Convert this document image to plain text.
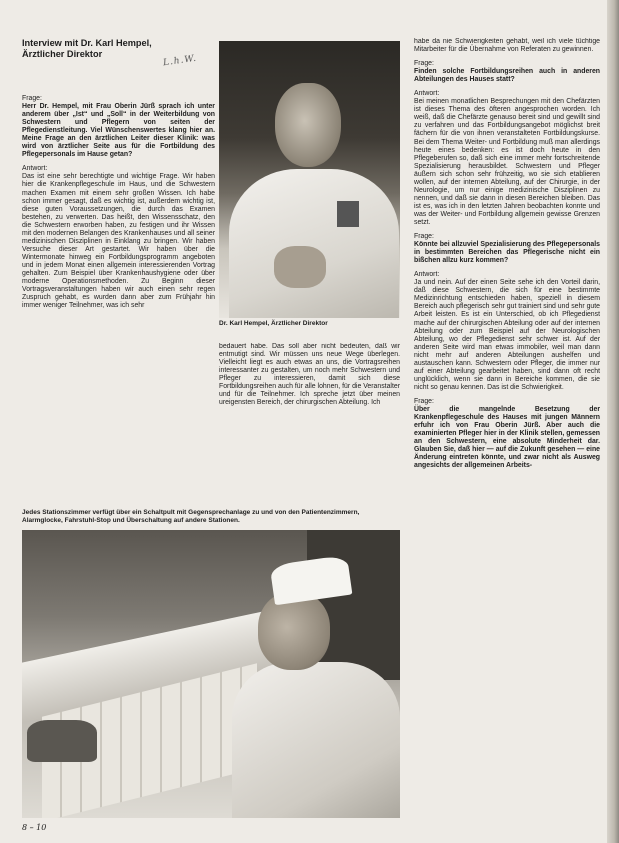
Interview mit Dr. Karl Hempel,
Ärztlicher Direktor
L.h.W.

Frage:
Herr Dr. Hempel, mit Frau Oberin Jürß sprach ich unter anderem über „Ist“ und „Soll“ in der Weiterbildung von Schwestern und Pflegern von seiten der Pflegedienstleitung. Viel Wünschenswertes klang hier an. Meine Frage an den ärztlichen Leiter dieser Klinik: was wird von ärztlicher Seite aus für die Fortbildung des Pflegepersonals im Hause getan?

Antwort:
Das ist eine sehr berechtigte und wichtige Frage. Wir haben hier die Krankenpflegeschule im Haus, und die Schwestern machen Examen mit einem sehr großen Wissen. Ich habe schon immer gesagt, daß es wichtig ist, außerdem wichtig ist, diese guten Voraussetzungen, die durch das Examen bestehen, zu verwerten. Das heißt, den Wissensschatz, den die Schwestern erworben haben, zu festigen und ihr Wissen mit den modernen Belangen des Krankenhauses und all seiner medizinischen Disziplinen in Einklang zu bringen. Wir haben Versuche dieser Art gestartet. Wir haben über die Wintermonate hinweg ein Fortbildungsprogramm angeboten und in jedem Monat einen allgemein interessierenden Vortrag gehalten. Zum Beispiel über Krankenhaushygiene oder über moderne Operationsmethoden. Zu Beginn dieser Vortragsveranstaltungen haben wir auch einen sehr regen Zuspruch gehabt, es wurden dann aber zum Frühjahr hin immer weniger Teilnehmer, was ich sehr

Dr. Karl Hempel, Ärztlicher Direktor

bedauert habe. Das soll aber nicht bedeuten, daß wir entmutigt sind. Wir müssen uns neue Wege überlegen. Vielleicht liegt es auch etwas an uns, die Vortragsreihen interessanter zu gestalten, um noch mehr Schwestern und Pfleger zu interessieren, damit sich diese Fortbildungsreihen auch für alle lohnen, für die Veranstalter und für die Teilnehmer. Ich spreche jetzt über meinen ureigensten Bereich, der chirurgischen Abteilung. Ich

habe da nie Schwierigkeiten gehabt, weil ich viele tüchtige Mitarbeiter für die Übernahme von Referaten zu gewinnen.

Frage:
Finden solche Fortbildungsreihen auch in anderen Abteilungen des Hauses statt?

Antwort:
Bei meinen monatlichen Besprechungen mit den Chefärzten ist dieses Thema des öfteren angesprochen worden. Ich weiß, daß die Chefärzte genauso bereit sind und gewillt sind zu verfahren und das Fortbildungsangebot möglichst breit fächern für die von ihnen veranstalteten Fortbildungskurse. Bei dem Thema Weiter- und Fortbildung muß man allerdings heute eines bedenken: es ist doch heute in den Pflegeberufen so, daß sich eine immer mehr fortschreitende Spezialisierung herausbildet. Schwestern und Pfleger äußern sich schon sehr frühzeitig, wo sie sich etablieren wollen, auf der internen Abteilung, auf der Chirurgie, in der Neurologie, um nur einige medizinische Disziplinen zu nennen, und daß sie dann in diesen Bereichen bleiben. Das ist es, was ich in den letzten Jahren beobachten konnte und was der Weiter- und Fortbildung allgemein gewisse Grenzen setzt.

Frage:
Könnte bei allzuviel Spezialisierung des Pflegepersonals in bestimmten Bereichen das Pflegerische nicht ein bißchen allzu kurz kommen?

Antwort:
Ja und nein. Auf der einen Seite sehe ich den Vorteil darin, daß diese Schwestern, die sich für eine bestimmte Medizinrichtung entschieden haben, speziell in diesem Bereich auch pflegerisch sehr gut trainiert sind und sehr gute Arbeit leisten. Es ist ein Unterschied, ob ich Pflegedienst mache auf der chirurgischen Abteilung oder auf der internen Abteilung oder zum Beispiel auf der Neurologischen Abteilung, wo der Pflegedienst sehr schwer ist. Auf der anderen Seite wird man etwas immobiler, weil man dann nicht mehr auf anderen Abteilungen aushelfen und austauschen kann. Schwestern oder Pfleger, die immer nur auf einer Abteilung gearbeitet haben, sind dann oft recht unglücklich, wenn sie dann in Bereiche kommen, die sie nicht so genau kennen. Das ist die Schwierigkeit.

Frage:
Über die mangelnde Besetzung der Krankenpflegeschule des Hauses mit jungen Männern erfuhr ich von Frau Oberin Jürß. Aber auch die examinierten Pfleger hier in der Klinik stellen, gemessen an den Schwestern, eine absolute Minderheit dar. Glauben Sie, daß hier — auf die Zukunft gesehen — eine Änderung eintreten könnte, und zwar nicht als Ausweg angesichts der allgemeinen Arbeits-

Jedes Stationszimmer verfügt über ein Schaltpult mit Gegensprechanlage zu und von den Patientenzimmern, Alarmglocke, Fahrstuhl-Stop und Überschaltung auf andere Stationen.
8 – 10
